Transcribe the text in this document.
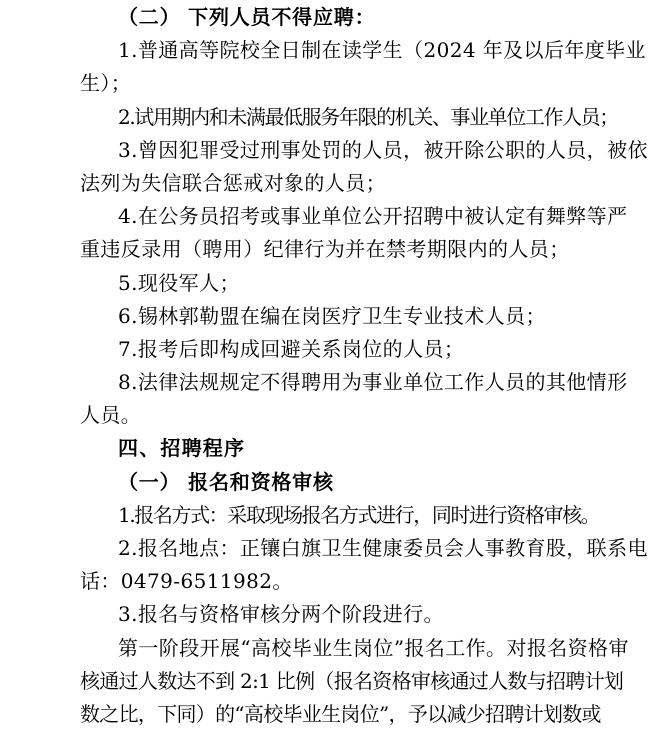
（二） 下列人员不得应聘：
1.普通高等院校全日制在读学生（2024 年及以后年度毕业
生）；
2.试用期内和未满最低服务年限的机关、事业单位工作人员；
3.曾因犯罪受过刑事处罚的人员，被开除公职的人员，被依
法列为失信联合惩戒对象的人员；
4.在公务员招考或事业单位公开招聘中被认定有舞弊等严
重违反录用（聘用）纪律行为并在禁考期限内的人员；
5.现役军人；
6.锡林郭勒盟在编在岗医疗卫生专业技术人员；
7.报考后即构成回避关系岗位的人员；
8.法律法规规定不得聘用为事业单位工作人员的其他情形
人员。
四、招聘程序
（一） 报名和资格审核
1.报名方式：采取现场报名方式进行，同时进行资格审核。
2.报名地点：正镶白旗卫生健康委员会人事教育股，联系电
话：0479-6511982。
3.报名与资格审核分两个阶段进行。
第一阶段开展“高校毕业生岗位”报名工作。对报名资格审
核通过人数达不到 2:1 比例（报名资格审核通过人数与招聘计划
数之比，下同）的“高校毕业生岗位”，予以减少招聘计划数或
